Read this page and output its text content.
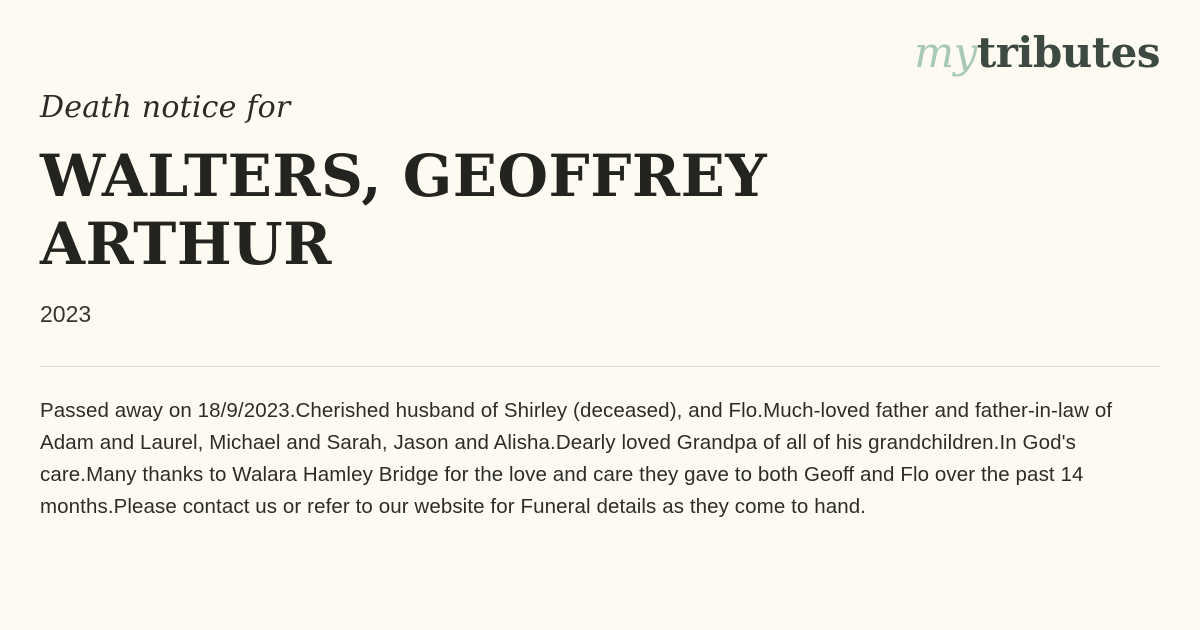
mytributes

Death notice for

WALTERS, GEOFFREY ARTHUR
2023

Passed away on 18/9/2023.Cherished husband of Shirley (deceased), and Flo.Much-loved father and father-in-law of Adam and Laurel, Michael and Sarah, Jason and Alisha.Dearly loved Grandpa of all of his grandchildren.In God's care.Many thanks to Walara Hamley Bridge for the love and care they gave to both Geoff and Flo over the past 14 months.Please contact us or refer to our website for Funeral details as they come to hand.
